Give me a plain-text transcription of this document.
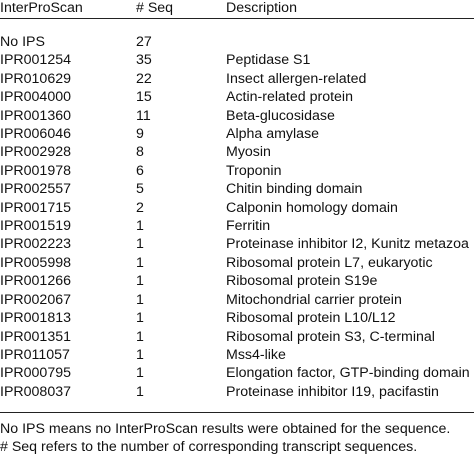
InterProScan	# Seq	Description

No IPS	27	
IPR001254	35	Peptidase S1
IPR010629	22	Insect allergen-related
IPR004000	15	Actin-related protein
IPR001360	11	Beta-glucosidase
IPR006046	9	Alpha amylase
IPR002928	8	Myosin
IPR001978	6	Troponin
IPR002557	5	Chitin binding domain
IPR001715	2	Calponin homology domain
IPR001519	1	Ferritin
IPR002223	1	Proteinase inhibitor I2, Kunitz metazoa
IPR005998	1	Ribosomal protein L7, eukaryotic
IPR001266	1	Ribosomal protein S19e
IPR002067	1	Mitochondrial carrier protein
IPR001813	1	Ribosomal protein L10/L12
IPR001351	1	Ribosomal protein S3, C-terminal
IPR011057	1	Mss4-like
IPR000795	1	Elongation factor, GTP-binding domain
IPR008037	1	Proteinase inhibitor I19, pacifastin
No IPS means no InterProScan results were obtained for the sequence.
# Seq refers to the number of corresponding transcript sequences.
